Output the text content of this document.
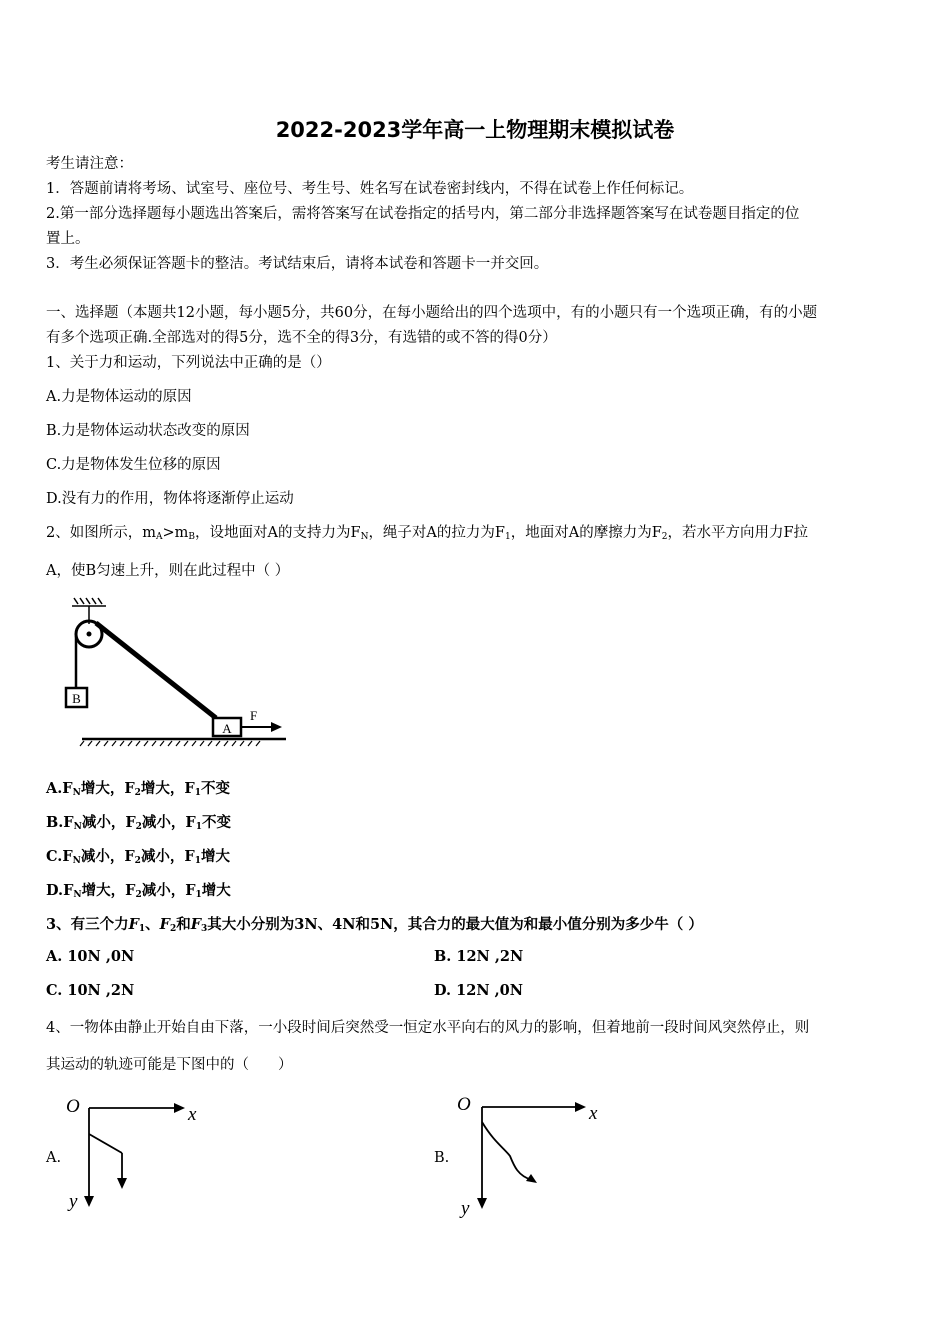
2022-2023学年高一上物理期末模拟试卷
考生请注意：
1．答题前请将考场、试室号、座位号、考生号、姓名写在试卷密封线内，不得在试卷上作任何标记。
2.第一部分选择题每小题选出答案后，需将答案写在试卷指定的括号内，第二部分非选择题答案写在试卷题目指定的位
置上。
3．考生必须保证答题卡的整洁。考试结束后，请将本试卷和答题卡一并交回。
一、选择题（本题共12小题，每小题5分，共60分，在每小题给出的四个选项中，有的小题只有一个选项正确，有的小题
有多个选项正确.全部选对的得5分，选不全的得3分，有选错的或不答的得0分）
1、关于力和运动，下列说法中正确的是（）
A.力是物体运动的原因
B.力是物体运动状态改变的原因
C.力是物体发生位移的原因
D.没有力的作用，物体将逐渐停止运动
2、如图所示，$m_A>m_B$，设地面对A的支持力为$F_N$，绳子对A的拉力为$F_1$，地面对A的摩擦力为$F_2$，若水平方向用力F拉
A，使B匀速上升，则在此过程中（ ）
B
A
F
$A.F_N$增大，$F_2$增大，$F_1$不变
$B.F_N$减小，$F_2$减小，$F_1$不变
$C.F_N$减小，$F_2$减小，$F_1$增大
$D.F_N$增大，$F_2$减小，$F_1$增大
3、有三个力$F_1$、$F_2$和$F_3$其大小分别为3N、4N和5N，其合力的最大值为和最小值分别为多少牛（ ）
A. 10N ,0N	B. 12N ,2N
C. 10N ,2N	D. 12N ,0N
4、一物体由静止开始自由下落，一小段时间后突然受一恒定水平向右的风力的影响，但着地前一段时间风突然停止，则
其运动的轨迹可能是下图中的（　　）
A.
O	x
y
B.
O	x
y
